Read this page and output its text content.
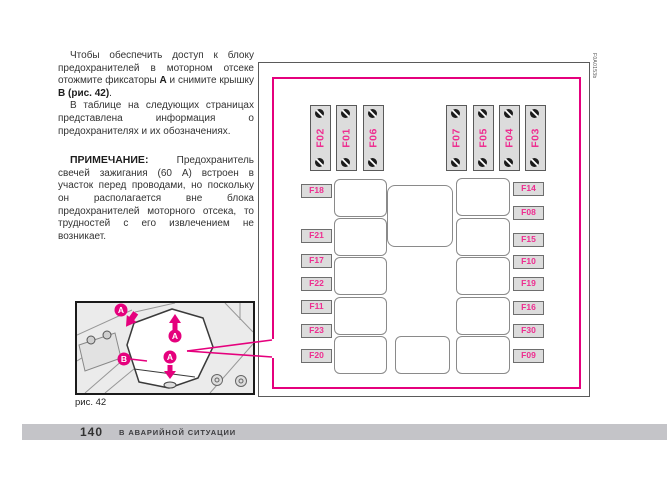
Чтобы обеспечить доступ к блоку предохранителей в моторном отсеке отожмите фиксаторы А и снимите крышку В (рис. 42).

В таблице на следующих страницах представлена информация о предохранителях и их обозначениях.

ПРИМЕЧАНИЕ: Предохранитель свечей зажигания (60 А) встроен в участок перед проводами, но поскольку он располагается вне блока предохранителей моторного отсека, то трудностей с его извлечением не возникает.

F02	F01	F06	F07	F05	F04	F03
F18
F21
F17
F22
F11
F23
F20
F14
F08
F15
F10
F19
F16
F30
F09
F0A0153b
A
A
B	A
рис. 42
140 В АВАРИЙНОЙ СИТУАЦИИ
